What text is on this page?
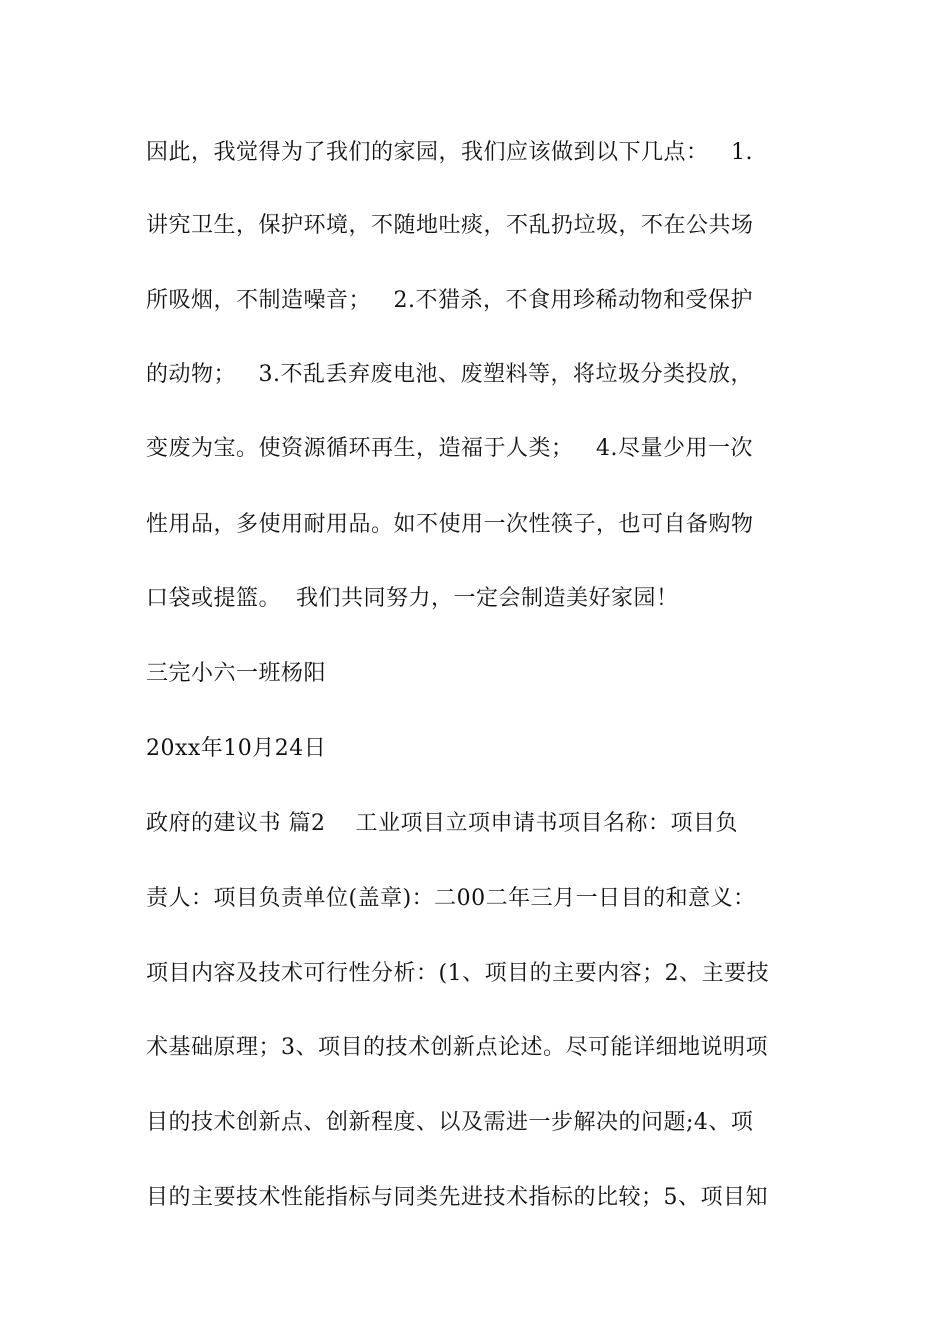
因此，我觉得为了我们的家园，我们应该做到以下几点：   1.
讲究卫生，保护环境，不随地吐痰，不乱扔垃圾，不在公共场
所吸烟，不制造噪音；   2.不猎杀，不食用珍稀动物和受保护
的动物；   3.不乱丢弃废电池、废塑料等，将垃圾分类投放，
变废为宝。使资源循环再生，造福于人类；   4.尽量少用一次
性用品，多使用耐用品。如不使用一次性筷子，也可自备购物
口袋或提篮。  我们共同努力，一定会制造美好家园！
三完小六一班杨阳
20xx年10月24日
政府的建议书 篇2    工业项目立项申请书项目名称：项目负
责人：项目负责单位(盖章)：二00二年三月一日目的和意义：
项目内容及技术可行性分析：(1、项目的主要内容；2、主要技
术基础原理；3、项目的技术创新点论述。尽可能详细地说明项
目的技术创新点、创新程度、以及需进一步解决的问题;4、项
目的主要技术性能指标与同类先进技术指标的比较；5、项目知
